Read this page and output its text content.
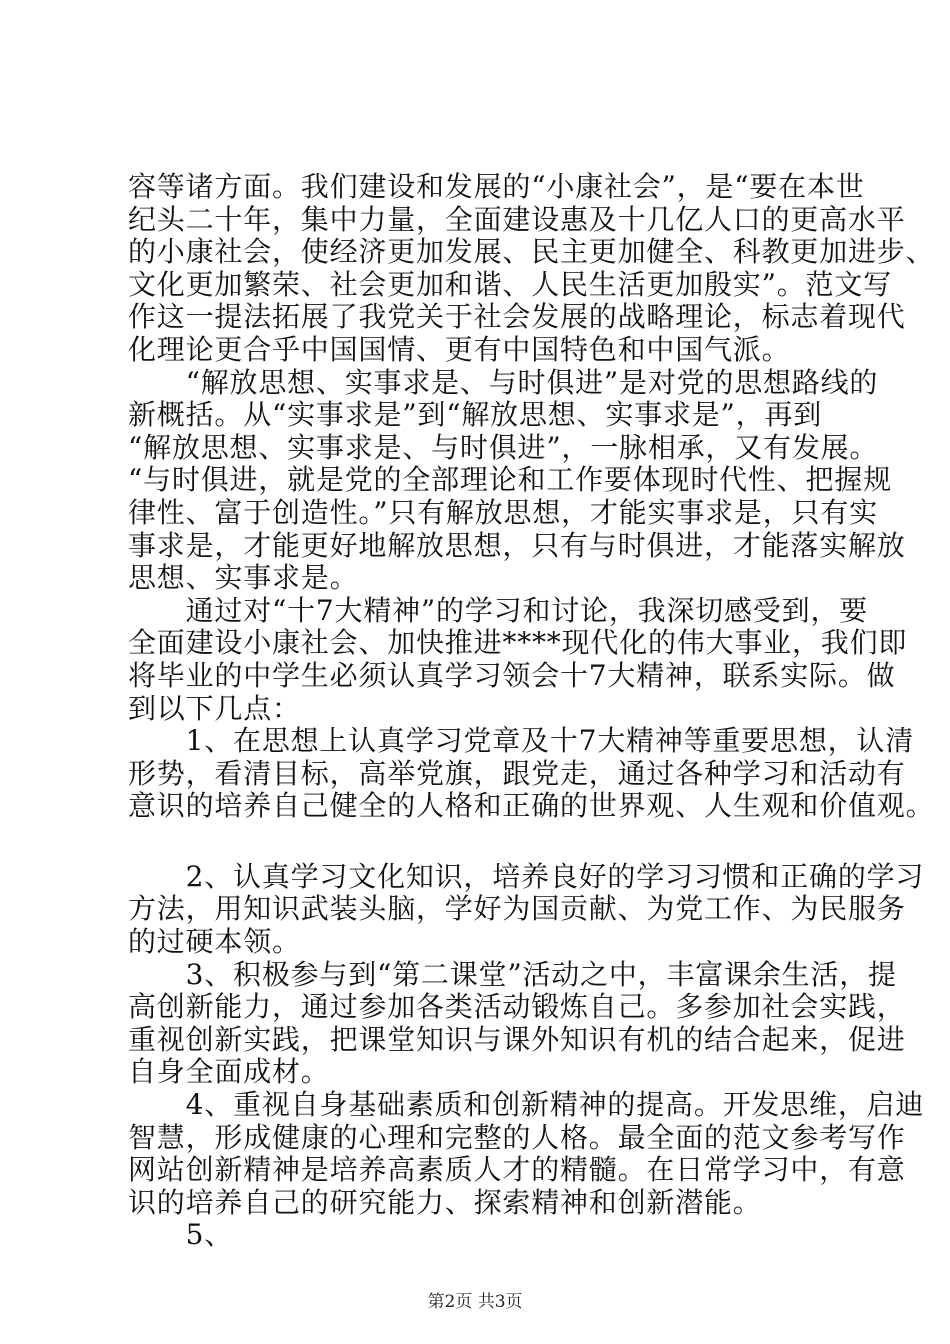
容等诸方面。我们建设和发展的“小康社会”，是“要在本世
纪头二十年，集中力量，全面建设惠及十几亿人口的更高水平
的小康社会，使经济更加发展、民主更加健全、科教更加进步、
文化更加繁荣、社会更加和谐、人民生活更加殷实”。范文写
作这一提法拓展了我党关于社会发展的战略理论，标志着现代
化理论更合乎中国国情、更有中国特色和中国气派。
　　“解放思想、实事求是、与时俱进”是对党的思想路线的
新概括。从“实事求是”到“解放思想、实事求是”，再到
“解放思想、实事求是、与时俱进”，一脉相承，又有发展。
“与时俱进，就是党的全部理论和工作要体现时代性、把握规
律性、富于创造性。”只有解放思想，才能实事求是，只有实
事求是，才能更好地解放思想，只有与时俱进，才能落实解放
思想、实事求是。
　　通过对“十7大精神”的学习和讨论，我深切感受到，要
全面建设小康社会、加快推进****现代化的伟大事业，我们即
将毕业的中学生必须认真学习领会十7大精神，联系实际。做
到以下几点：
　　1、在思想上认真学习党章及十7大精神等重要思想，认清
形势，看清目标，高举党旗，跟党走，通过各种学习和活动有
意识的培养自己健全的人格和正确的世界观、人生观和价值观。
　　2、认真学习文化知识，培养良好的学习习惯和正确的学习
方法，用知识武装头脑，学好为国贡献、为党工作、为民服务
的过硬本领。
　　3、积极参与到“第二课堂”活动之中，丰富课余生活，提
高创新能力，通过参加各类活动锻炼自己。多参加社会实践，
重视创新实践，把课堂知识与课外知识有机的结合起来，促进
自身全面成材。
　　4、重视自身基础素质和创新精神的提高。开发思维，启迪
智慧，形成健康的心理和完整的人格。最全面的范文参考写作
网站创新精神是培养高素质人才的精髓。在日常学习中，有意
识的培养自己的研究能力、探索精神和创新潜能。
　　5、
第2页 共3页
